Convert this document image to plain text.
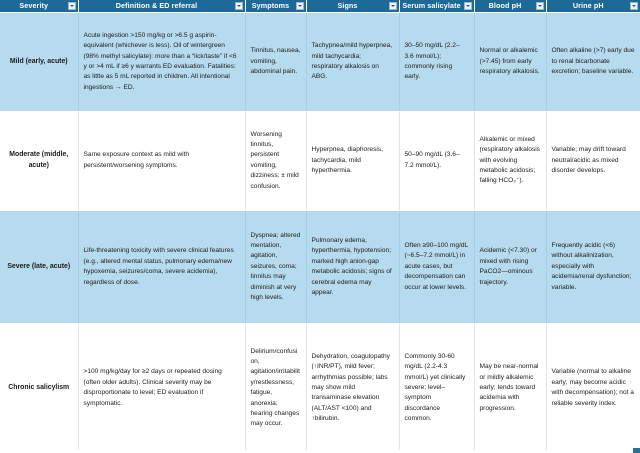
Severity	Definition & ED referral	Symptoms	Signs	Serum salicylate	Blood pH	Urine pH

Mild (early, acute)	Acute ingestion >150 mg/kg or >6.5 g aspirin-equivalent (whichever is less). Oil of wintergreen (98% methyl salicylate): more than a “lick/taste” if <6 y or >4 mL if ≥6 y warrants ED evaluation. Fatalities: as little as 5 mL reported in children. All intentional ingestions → ED.	Tinnitus, nausea, vomiting, abdominal pain.	Tachypnea/mild hyperpnea, mild tachycardia; respiratory alkalosis on ABG.	30–50 mg/dL (2.2–3.6 mmol/L); commonly rising early.	Normal or alkalemic (>7.45) from early respiratory alkalosis.	Often alkaline (>7) early due to renal bicarbonate excretion; baseline variable.
Moderate (middle, acute)	Same exposure context as mild with persistent/worsening symptoms.	Worsening tinnitus, persistent vomiting, dizziness; ± mild confusion.	Hyperpnea, diaphoresis, tachycardia, mild hyperthermia.	50–90 mg/dL (3.6–7.2 mmol/L).	Alkalemic or mixed (respiratory alkalosis with evolving metabolic acidosis; falling HCO₃⁻).	Variable; may drift toward neutral/acidic as mixed disorder develops.
Severe (late, acute)	Life-threatening toxicity with severe clinical features (e.g., altered mental status, pulmonary edema/new hypoxemia, seizures/coma, severe acidemia), regardless of dose.	Dyspnea; altered mentation, agitation, seizures, coma; tinnitus may diminish at very high levels.	Pulmonary edema, hyperthermia, hypotension; marked high anion-gap metabolic acidosis; signs of cerebral edema may appear.	Often ≥90–100 mg/dL (~6.5–7.2 mmol/L) in acute cases, but decompensation can occur at lower levels.	Acidemic (<7.30) or mixed with rising PaCO2—ominous trajectory.	Frequently acidic (<6) without alkalinization, especially with acidemia/renal dysfunction; variable.
Chronic salicylism	>100 mg/kg/day for ≥2 days or repeated dosing (often older adults). Clinical severity may be disproportionate to level; ED evaluation if symptomatic.	Delirium/confusion, agitation/irritability/restlessness, fatigue, anorexia; hearing changes may occur.	Dehydration, coagulopathy (↑INR/PT), mild fever; arrhythmias possible; labs may show mild transaminase elevation (ALT/AST <100) and ↑bilirubin.	Commonly 30-60 mg/dL (2.2-4.3 mmol/L) yet clinically severe; level–symptom discordance common.	May be near-normal or mildly alkalemic early; tends toward acidemia with progression.	Variable (normal to alkaline early; may become acidic with decompensation); not a reliable severity index.
